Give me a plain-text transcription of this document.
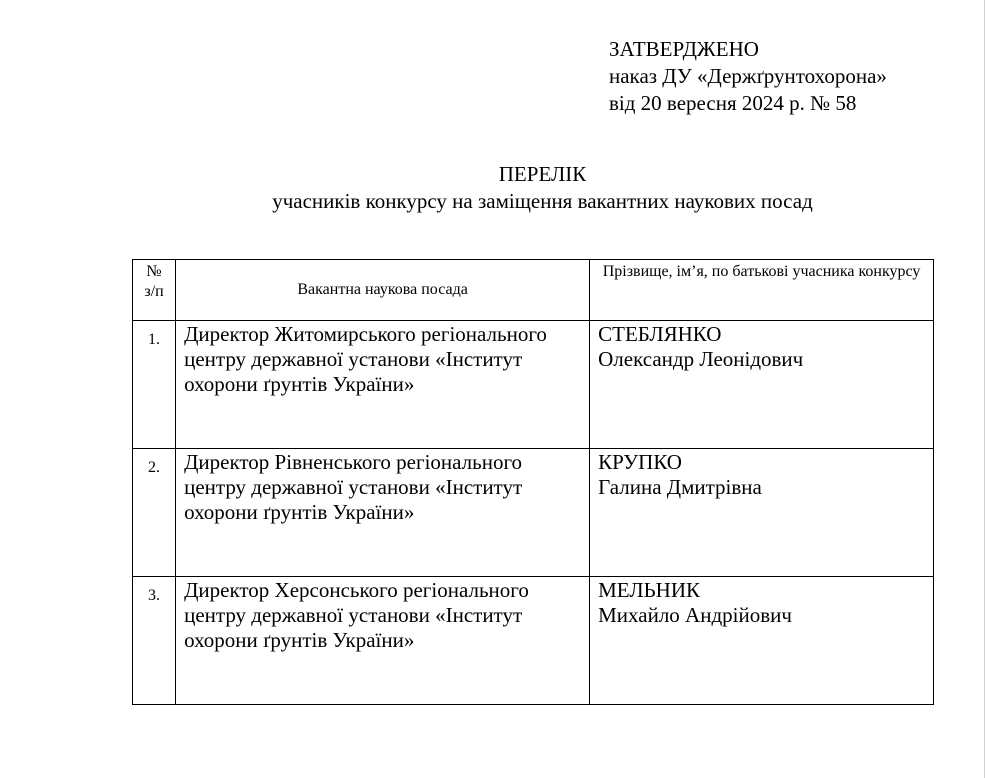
ЗАТВЕРДЖЕНО
наказ ДУ «Держґрунтохорона»
від 20 вересня 2024 р. № 58
ПЕРЕЛІК
учасників конкурсу на заміщення вакантних наукових посад
№
з/п	Вакантна наукова посада	Прізвище, ім’я, по батькові учасника конкурсу
1.	Директор Житомирського регіонального центру державної установи «Інститут охорони ґрунтів України»	СТЕБЛЯНКО
Олександр Леонідович

2.	Директор Рівненського регіонального центру державної установи «Інститут охорони ґрунтів України»	КРУПКО
Галина Дмитрівна

3.	Директор Херсонського регіонального центру державної установи «Інститут охорони ґрунтів України»	МЕЛЬНИК
Михайло Андрійович
